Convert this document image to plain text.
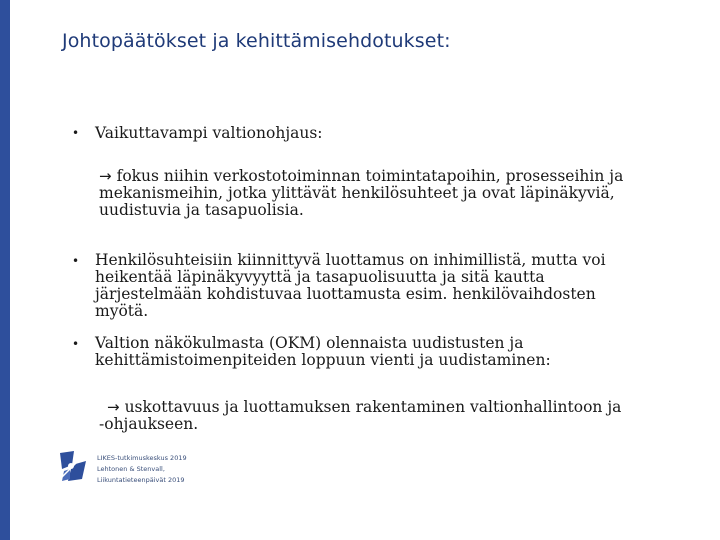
Johtopäätökset ja kehittämisehdotukset:
•	Vaikuttavampi valtionohjaus:
→ fokus niihin verkostotoiminnan toimintatapoihin, prosesseihin ja mekanismeihin, jotka ylittävät henkilösuhteet ja ovat läpinäkyviä, uudistuvia ja tasapuolisia.
•	Henkilösuhteisiin kiinnittyvä luottamus on inhimillistä, mutta voi heikentää läpinäkyvyyttä ja tasapuolisuutta ja sitä kautta järjestelmään kohdistuvaa luottamusta esim. henkilövaihdosten myötä.
•	Valtion näkökulmasta (OKM) olennaista uudistusten ja kehittämistoimenpiteiden loppuun vienti ja uudistaminen:
→ uskottavuus ja luottamuksen rakentaminen valtionhallintoon ja -ohjaukseen.
LIKES-tutkimuskeskus 2019
Lehtonen & Stenvall,
Liikuntatieteenpäivät 2019
